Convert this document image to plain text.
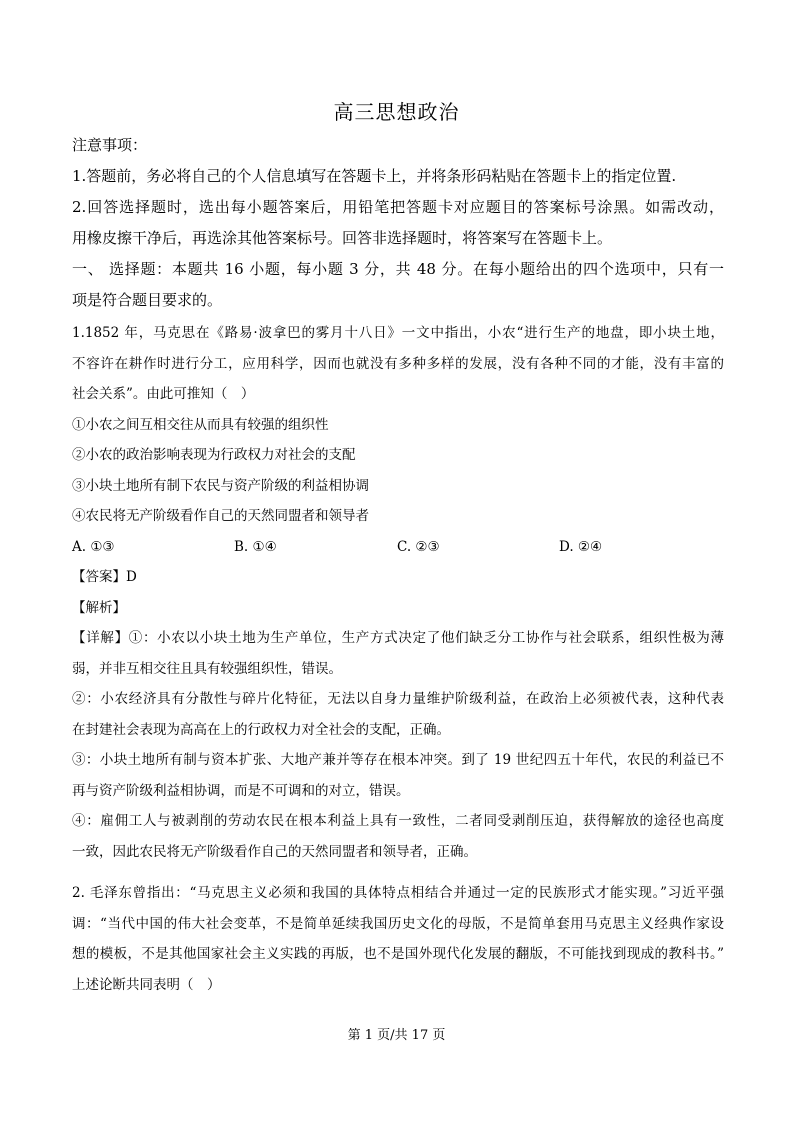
高三思想政治
注意事项：
1.答题前，务必将自己的个人信息填写在答题卡上，并将条形码粘贴在答题卡上的指定位置.
2.回答选择题时，选出每小题答案后，用铅笔把答题卡对应题目的答案标号涂黑。如需改动，
用橡皮擦干净后，再选涂其他答案标号。回答非选择题时，将答案写在答题卡上。
一、 选择题：本题共 16 小题，每小题 3 分，共 48 分。在每小题给出的四个选项中，只有一
项是符合题目要求的。
1.1852 年，马克思在《路易·波拿巴的雾月十八日》一文中指出，小农“进行生产的地盘，即小块土地，
不容许在耕作时进行分工，应用科学，因而也就没有多种多样的发展，没有各种不同的才能，没有丰富的
社会关系”。由此可推知（　）
①小农之间互相交往从而具有较强的组织性
②小农的政治影响表现为行政权力对社会的支配
③小块土地所有制下农民与资产阶级的利益相协调
④农民将无产阶级看作自己的天然同盟者和领导者
A. ①③	B. ①④	C. ②③	D. ②④
【答案】D
【解析】
【详解】①：小农以小块土地为生产单位，生产方式决定了他们缺乏分工协作与社会联系，组织性极为薄
弱，并非互相交往且具有较强组织性，错误。
②：小农经济具有分散性与碎片化特征，无法以自身力量维护阶级利益，在政治上必须被代表，这种代表
在封建社会表现为高高在上的行政权力对全社会的支配，正确。
③：小块土地所有制与资本扩张、大地产兼并等存在根本冲突。到了 19 世纪四五十年代，农民的利益已不
再与资产阶级利益相协调，而是不可调和的对立，错误。
④：雇佣工人与被剥削的劳动农民在根本利益上具有一致性，二者同受剥削压迫，获得解放的途径也高度
一致，因此农民将无产阶级看作自己的天然同盟者和领导者，正确。
2. 毛泽东曾指出：“马克思主义必须和我国的具体特点相结合并通过一定的民族形式才能实现。”习近平强
调：“当代中国的伟大社会变革，不是简单延续我国历史文化的母版，不是简单套用马克思主义经典作家设
想的模板，不是其他国家社会主义实践的再版，也不是国外现代化发展的翻版，不可能找到现成的教科书。”
上述论断共同表明（　）
第 1 页/共 17 页
